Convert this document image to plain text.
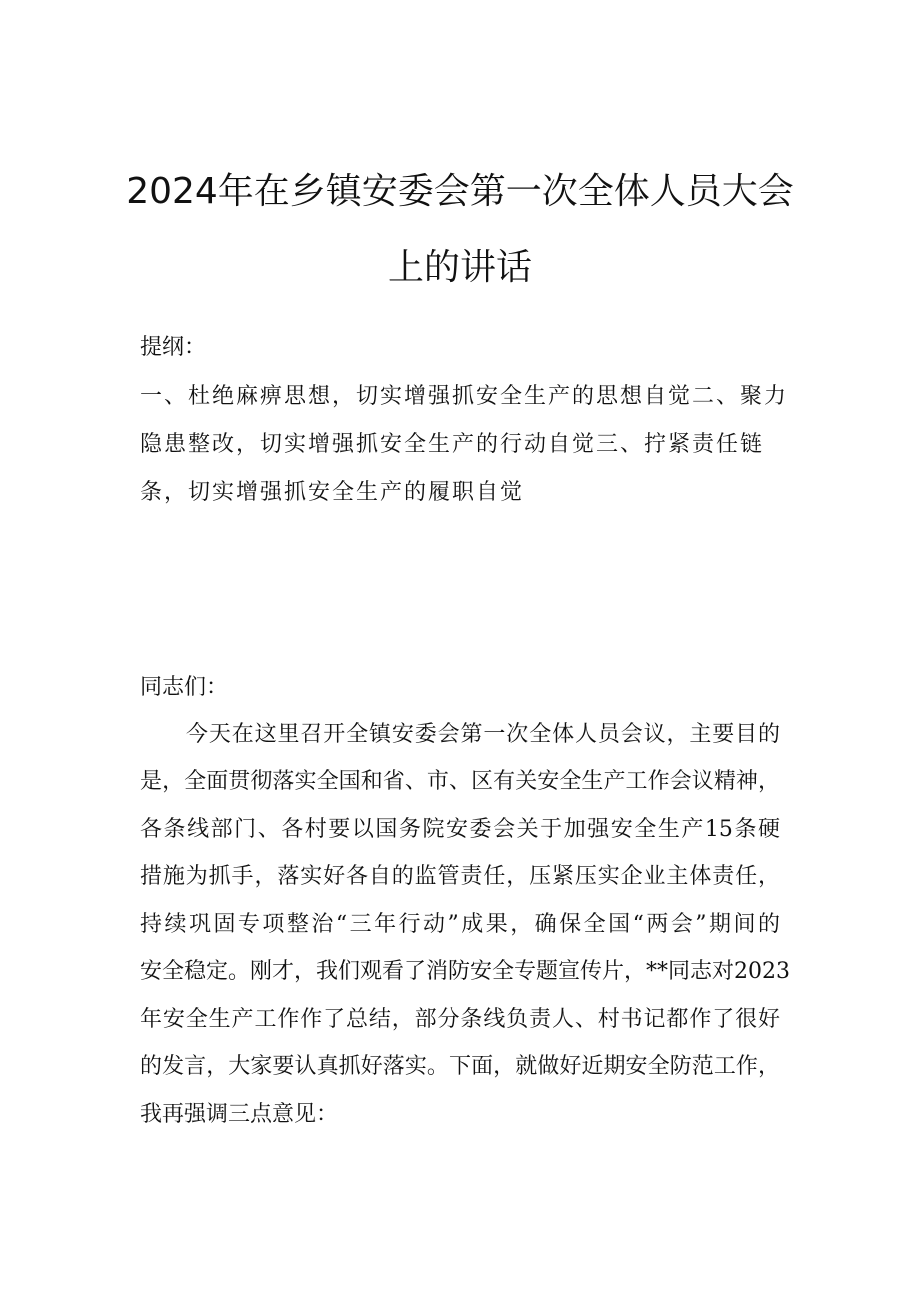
2024年在乡镇安委会第一次全体人员大会
上的讲话
提纲：
一、杜绝麻痹思想，切实增强抓安全生产的思想自觉二、聚力
隐患整改，切实增强抓安全生产的行动自觉三、拧紧责任链
条，切实增强抓安全生产的履职自觉
同志们：
今天在这里召开全镇安委会第一次全体人员会议，主要目的
是，全面贯彻落实全国和省、市、区有关安全生产工作会议精神，
各条线部门、各村要以国务院安委会关于加强安全生产15条硬
措施为抓手，落实好各自的监管责任，压紧压实企业主体责任，
持续巩固专项整治“三年行动”成果，确保全国“两会”期间的
安全稳定。刚才，我们观看了消防安全专题宣传片，**同志对2023
年安全生产工作作了总结，部分条线负责人、村书记都作了很好
的发言，大家要认真抓好落实。下面，就做好近期安全防范工作，
我再强调三点意见：
